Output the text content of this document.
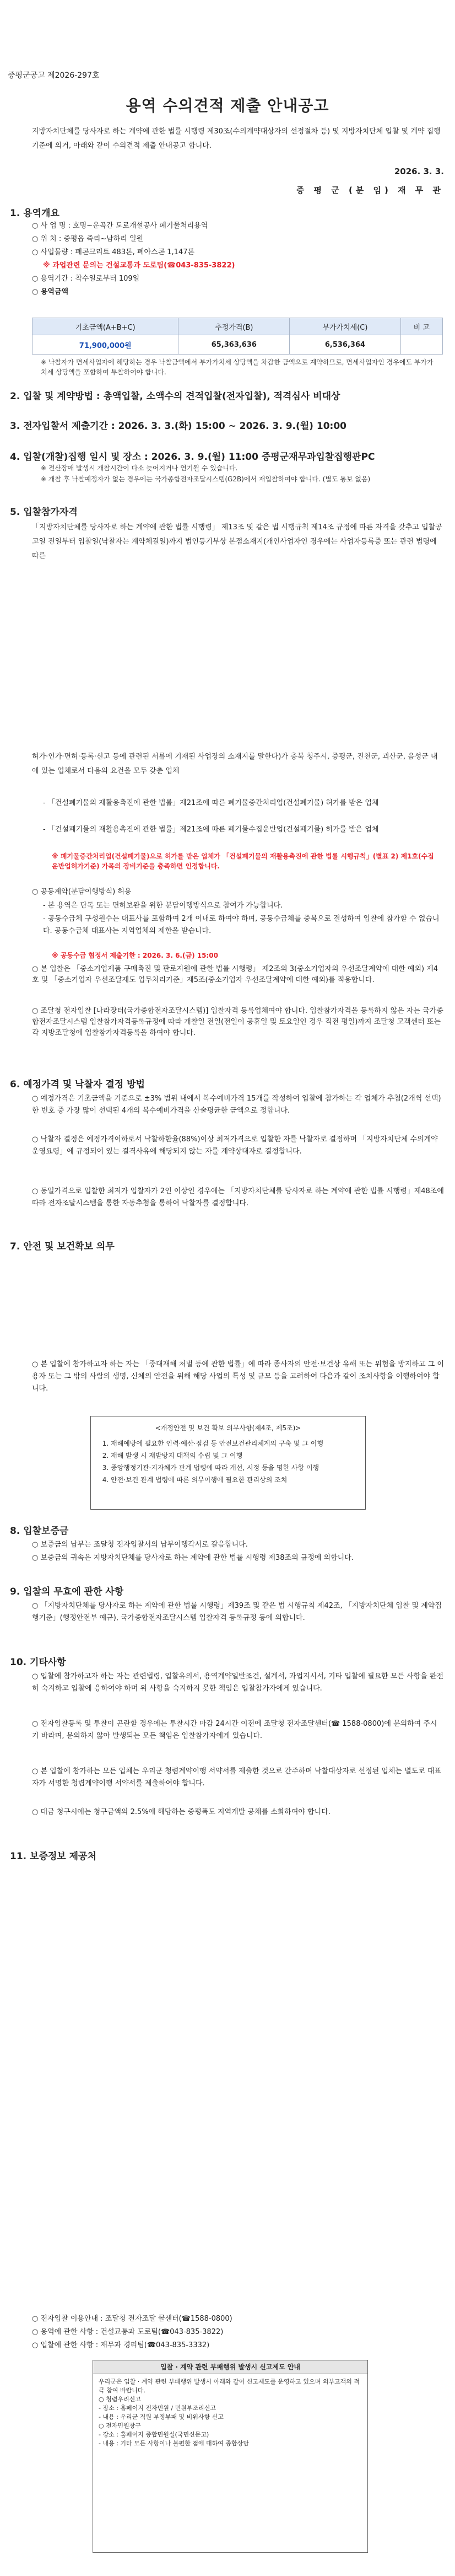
증평군공고 제2026-297호
용역 수의견적 제출 안내공고
지방자치단체를 당사자로 하는 계약에 관한 법률 시행령 제30조(수의계약대상자의 선정절차 등) 및 지방자치단체 입찰 및 계약 집행기준에 의거, 아래와 같이 수의견적 제출 안내공고 합니다.
2026. 3. 3.
증 평 군 (분 임) 재 무 관
1. 용역개요
○ 사 업 명 : 호명~운곡간 도로개설공사 폐기물처리용역
○ 위 치 : 증평읍 죽리~남하리 일원
○ 사업물량 : 폐콘크리트 483톤, 폐아스콘 1,147톤
※ 과업관련 문의는 건설교통과 도로팀(☎043-835-3822)
○ 용역기간 : 착수일로부터 109일
○ 용역금액
기초금액(A+B+C)	추정가격(B)	부가가치세(C)	비 고
71,900,000원	65,363,636	6,536,364	
※ 낙찰자가 면세사업자에 해당하는 경우 낙찰금액에서 부가가치세 상당액을 차감한 금액으로 계약하므로, 면세사업자인 경우에도 부가가치세 상당액을 포함하여 투찰하여야 합니다.
2. 입찰 및 계약방법 : 총액입찰, 소액수의 견적입찰(전자입찰), 적격심사 비대상
3. 전자입찰서 제출기간 : 2026. 3. 3.(화) 15:00 ~ 2026. 3. 9.(월) 10:00
4. 입찰(개찰)집행 일시 및 장소 : 2026. 3. 9.(월) 11:00 증평군재무과입찰집행관PC
※ 전산장애 발생시 개찰시간이 다소 늦어지거나 연기될 수 있습니다.
※ 개찰 후 낙찰예정자가 없는 경우에는 국가종합전자조달시스템(G2B)에서 재입찰하여야 합니다. (별도 통보 없음)
5. 입찰참가자격
「지방자치단체를 당사자로 하는 계약에 관한 법률 시행령」 제13조 및 같은 법 시행규칙 제14조 규정에 따른 자격을 갖추고 입찰공고일 전일부터 입찰일(낙찰자는 계약체결일)까지 법인등기부상 본점소재지(개인사업자인 경우에는 사업자등록증 또는 관련 법령에 따른
허가·인가·면허·등록·신고 등에 관련된 서류에 기재된 사업장의 소재지를 말한다)가 충북 청주시, 증평군, 진천군, 괴산군, 음성군 내에 있는 업체로서 다음의 요건을 모두 갖춘 업체
- 「건설폐기물의 재활용촉진에 관한 법률」제21조에 따른 폐기물중간처리업(건설폐기물) 허가를 받은 업체
- 「건설폐기물의 재활용촉진에 관한 법률」제21조에 따른 폐기물수집운반업(건설폐기물) 허가를 받은 업체
※ 폐기물중간처리업(건설폐기물)으로 허가를 받은 업체가 「건설폐기물의 재활용촉진에 관한 법률 시행규칙」(별표 2) 제1호(수집운반업허가기준) 가목의 장비기준을 충족하면 인정합니다.
○ 공동계약(분담이행방식) 허용
- 본 용역은 단독 또는 면허보완을 위한 분담이행방식으로 참여가 가능합니다.
- 공동수급체 구성원수는 대표사를 포함하여 2개 이내로 하여야 하며, 공동수급체를 중복으로 결성하여 입찰에 참가할 수 없습니다. 공동수급체 대표사는 지역업체의 제한을 받습니다.
※ 공동수급 협정서 제출기한 : 2026. 3. 6.(금) 15:00
○ 본 입찰은 「중소기업제품 구매촉진 및 판로지원에 관한 법률 시행령」 제2조의 3(중소기업자의 우선조달계약에 대한 예외) 제4호 및 「중소기업자 우선조달제도 업무처리기준」제5조(중소기업자 우선조달계약에 대한 예외)를 적용합니다.
○ 조달청 전자입찰 [나라장터(국가종합전자조달시스템)] 입찰자격 등록업체여야 합니다. 입찰참가자격을 등록하지 않은 자는 국가종합전자조달시스템 입찰참가자격등록규정에 따라 개찰일 전일(전일이 공휴일 및 토요일인 경우 직전 평일)까지 조달청 고객센터 또는 각 지방조달청에 입찰참가자격등록을 하여야 합니다.
6. 예정가격 및 낙찰자 결정 방법
○ 예정가격은 기초금액을 기준으로 ±3% 범위 내에서 복수예비가격 15개를 작성하여 입찰에 참가하는 각 업체가 추첨(2개씩 선택)한 번호 중 가장 많이 선택된 4개의 복수예비가격을 산술평균한 금액으로 정합니다.
○ 낙찰자 결정은 예정가격이하로서 낙찰하한율(88%)이상 최저가격으로 입찰한 자를 낙찰자로 결정하며 「지방자치단체 수의계약 운영요령」에 규정되어 있는 결격사유에 해당되지 않는 자를 계약상대자로 결정합니다.
○ 동일가격으로 입찰한 최저가 입찰자가 2인 이상인 경우에는 「지방자치단체를 당사자로 하는 계약에 관한 법률 시행령」제48조에 따라 전자조달시스템을 통한 자동추첨을 통하여 낙찰자를 결정합니다.
7. 안전 및 보건확보 의무
○ 본 입찰에 참가하고자 하는 자는 「중대재해 처벌 등에 관한 법률」에 따라 종사자의 안전·보건상 유해 또는 위험을 방지하고 그 이용자 또는 그 밖의 사람의 생명, 신체의 안전을 위해 해당 사업의 특성 및 규모 등을 고려하여 다음과 같이 조치사항을 이행하여야 합니다.
<개정안전 및 보건 확보 의무사항(제4조, 제5조)>
1. 재해예방에 필요한 인력·예산·점검 등 안전보건관리체계의 구축 및 그 이행
2. 재해 발생 시 재발방지 대책의 수립 및 그 이행
3. 중앙행정기관·지자체가 관계 법령에 따라 개선, 시정 등을 명한 사항 이행
4. 안전·보건 관계 법령에 따른 의무이행에 필요한 관리상의 조치
8. 입찰보증금
○ 보증금의 납부는 조달청 전자입찰서의 납부이행각서로 갈음합니다.
○ 보증금의 귀속은 지방자치단체를 당사자로 하는 계약에 관한 법률 시행령 제38조의 규정에 의합니다.
9. 입찰의 무효에 관한 사항
○ 「지방자치단체를 당사자로 하는 계약에 관한 법률 시행령」제39조 및 같은 법 시행규칙 제42조, 「지방자치단체 입찰 및 계약집행기준」(행정안전부 예규), 국가종합전자조달시스템 입찰자격 등록규정 등에 의합니다.
10. 기타사항
○ 입찰에 참가하고자 하는 자는 관련법령, 입찰유의서, 용역계약일반조건, 설계서, 과업지시서, 기타 입찰에 필요한 모든 사항을 완전히 숙지하고 입찰에 응하여야 하며 위 사항을 숙지하지 못한 책임은 입찰참가자에게 있습니다.
○ 전자입찰등록 및 투찰이 곤란할 경우에는 투찰시간 마감 24시간 이전에 조달청 전자조달센터(☎ 1588-0800)에 문의하여 주시기 바라며, 문의하지 않아 발생되는 모든 책임은 입찰참가자에게 있습니다.
○ 본 입찰에 참가하는 모든 업체는 우리군 청렴계약이행 서약서를 제출한 것으로 간주하며 낙찰대상자로 선정된 업체는 별도로 대표자가 서명한 청렴계약이행 서약서를 제출하여야 합니다.
○ 대금 청구시에는 청구금액의 2.5%에 해당하는 증평폭도 지역개발 공채를 소화하여야 합니다.
11. 보증정보 제공처
○ 전자입찰 이용안내 : 조달청 전자조달 콜센터(☎1588-0800)
○ 용역에 관한 사항 : 건설교통과 도로팀(☎043-835-3822)
○ 입찰에 관한 사항 : 재무과 경리팀(☎043-835-3332)
입찰 · 계약 관련 부패행위 발생시 신고제도 안내
우리군은 입찰 · 계약 관련 부패행위 발생시 아래와 같이 신고제도를 운영하고 있으며 외부고객의 적극 참여 바랍니다.
○ 청렴우리신고
- 장소 : 홈페이지 전자민원 / 민원부조리신고
- 내용 : 우리군 직원 부정부패 및 비위사항 신고
○ 전자민원창구
- 장소 : 홈페이지 종합민원실(국민신문고)
- 내용 : 기타 모든 사항이나 불편한 점에 대하여 종합상담
